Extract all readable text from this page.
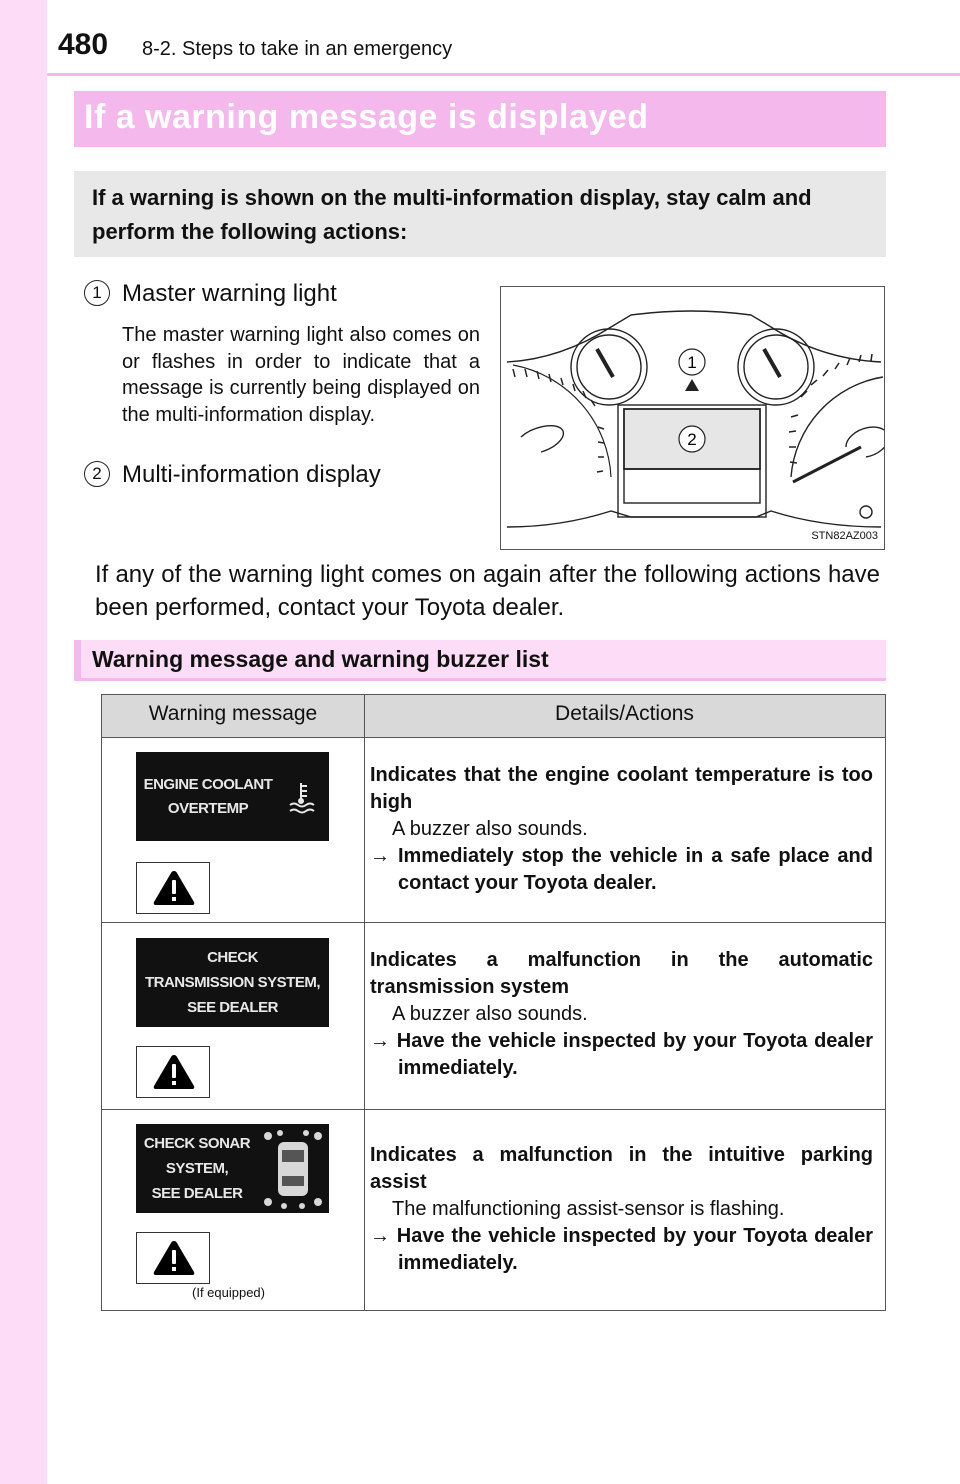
480 8-2. Steps to take in an emergency
If a warning message is displayed
If a warning is shown on the multi-information display, stay calm and perform the following actions:
1 Master warning light
The master warning light also comes on or flashes in order to indicate that a message is currently being displayed on the multi-information display.
2 Multi-information display
1
2
STN82AZ003
If any of the warning light comes on again after the following actions have been performed, contact your Toyota dealer.
Warning message and warning buzzer list
Warning message	Details/Actions
ENGINE COOLANT
OVERTEMP
Indicates that the engine coolant temperature is too high
A buzzer also sounds.
→ Immediately stop the vehicle in a safe place and contact your Toyota dealer.
CHECK
TRANSMISSION SYSTEM,
SEE DEALER
Indicates a malfunction in the automatic transmission system
A buzzer also sounds.
→ Have the vehicle inspected by your Toyota dealer immediately.
CHECK SONAR
SYSTEM,
SEE DEALER
(If equipped)
Indicates a malfunction in the intuitive parking assist
The malfunctioning assist-sensor is flashing.
→ Have the vehicle inspected by your Toyota dealer immediately.
